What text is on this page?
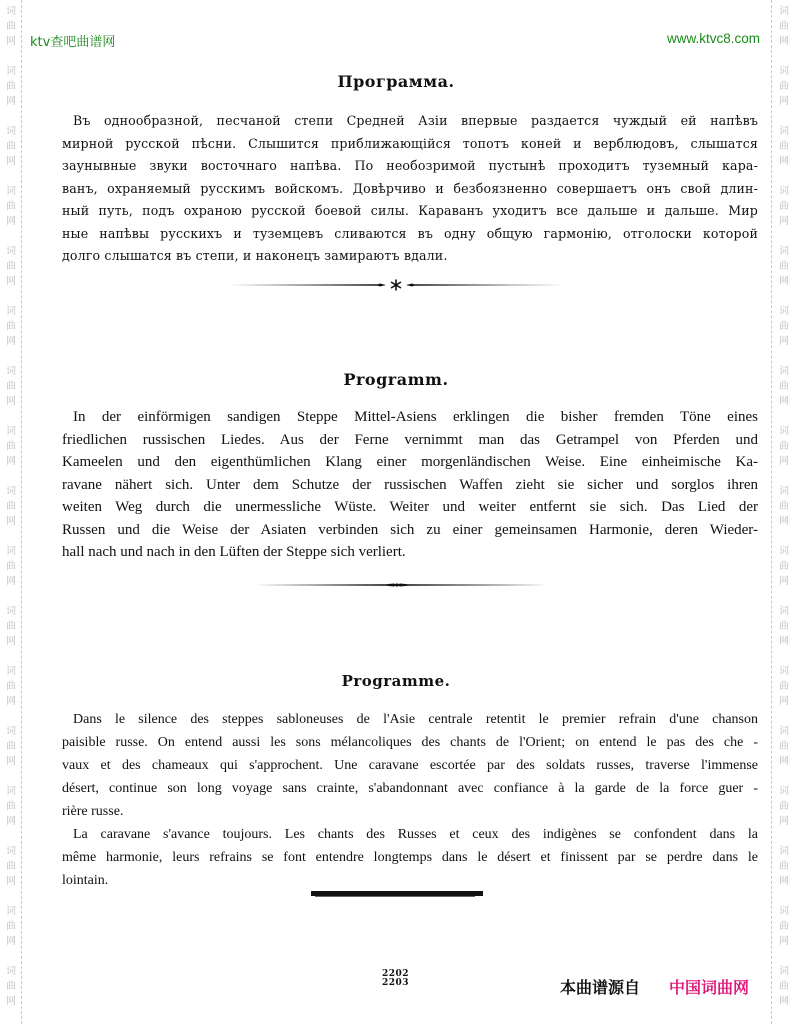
词
曲
网
词
曲
网
词
曲
网
词
曲
网
词
曲
网
词
曲
网
词
曲
网
词
曲
网
词
曲
网
词
曲
网
词
曲
网
词
曲
网
词
曲
网
词
曲
网
词
曲
网
词
曲
网
词
曲
网
词
曲
网
词
曲
网
词
曲
网
词
曲
网
词
曲
网
词
曲
网
词
曲
网
词
曲
网
词
曲
网
词
曲
网
词
曲
网
词
曲
网
词
曲
网
词
曲
网
词
曲
网
词
曲
网
词
曲
网
ktv查吧曲谱网	www.ktvc8.com
Программа.
Въ однообразной, песчаной степи Средней Азіи впервые раздается чуждый ей напѣвъ
мирной русской пѣсни. Слышится приближающійся топотъ коней и верблюдовъ, слышатся
заунывные звуки восточнаго напѣва. По необозримой пустынѣ проходитъ туземный кара-
ванъ, охраняемый русскимъ войскомъ. Довѣрчиво и безбоязненно совершаетъ онъ свой длин-
ный путь, подъ охраною русской боевой силы. Караванъ уходитъ все дальше и дальше. Мир
ные напѣвы русскихъ и туземцевъ сливаются въ одну общую гармонію, отголоски которой
долго слышатся въ степи, и наконецъ замираютъ вдали.
Programm.
In der einförmigen sandigen Steppe Mittel-Asiens erklingen die bisher fremden Töne eines
friedlichen russischen Liedes. Aus der Ferne vernimmt man das Getrampel von Pferden und
Kameelen und den eigenthümlichen Klang einer morgenländischen Weise. Eine einheimische Ka-
ravane nähert sich. Unter dem Schutze der russischen Waffen zieht sie sicher und sorglos ihren
weiten Weg durch die unermessliche Wüste. Weiter und weiter entfernt sie sich. Das Lied der
Russen und die Weise der Asiaten verbinden sich zu einer gemeinsamen Harmonie, deren Wieder-
hall nach und nach in den Lüften der Steppe sich verliert.
Programme.
Dans le silence des steppes sabloneuses de l'Asie centrale retentit le premier refrain d'une chanson
paisible russe. On entend aussi les sons mélancoliques des chants de l'Orient; on entend le pas des che -
vaux et des chameaux qui s'approchent. Une caravane escortée par des soldats russes, traverse l'immense
désert, continue son long voyage sans crainte, s'abandonnant avec confiance à la garde de la force guer -
rière russe.
La caravane s'avance toujours. Les chants des Russes et ceux des indigènes se confondent dans la
même harmonie, leurs refrains se font entendre longtemps dans le désert et finissent par se perdre dans le
lointain.
2202
2203	本曲谱源自 中国词曲网
